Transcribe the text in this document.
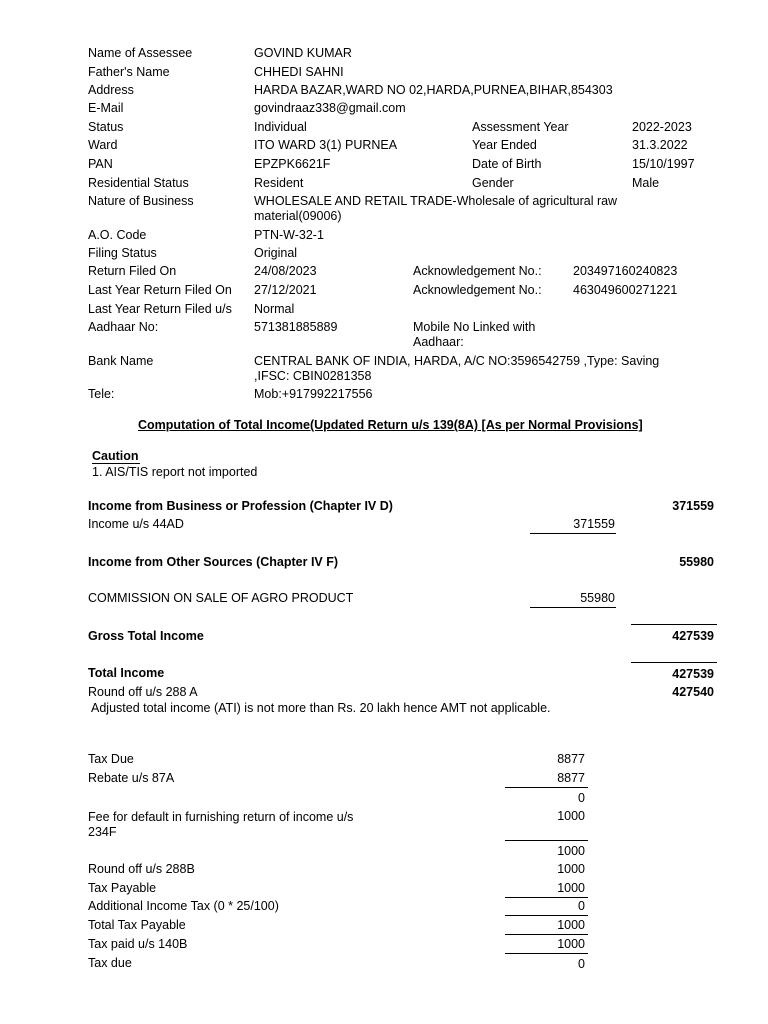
Name of Assessee	GOVIND KUMAR
Father's Name	CHHEDI SAHNI
Address	HARDA BAZAR,WARD NO 02,HARDA,PURNEA,BIHAR,854303
E-Mail	govindraaz338@gmail.com
Status	Individual	Assessment Year	2022-2023
Ward	ITO WARD 3(1) PURNEA	Year Ended	31.3.2022
PAN	EPZPK6621F	Date of Birth	15/10/1997
Residential Status	Resident	Gender	Male
Nature of Business	WHOLESALE AND RETAIL TRADE-Wholesale of agricultural raw material(09006)
A.O. Code	PTN-W-32-1
Filing Status	Original
Return Filed On	24/08/2023	Acknowledgement No.:	203497160240823
Last Year Return Filed On 27/12/2021	Acknowledgement No.:	463049600271221
Last Year Return Filed u/s Normal
Aadhaar No:	571381885889	Mobile No Linked with Aadhaar:
Bank Name	CENTRAL BANK OF INDIA, HARDA, A/C NO:3596542759 ,Type: Saving ,IFSC: CBIN0281358
Tele:	Mob:+917992217556
Computation of Total Income(Updated Return u/s 139(8A) [As per Normal Provisions]
Caution
1. AIS/TIS report not imported
Income from Business or Profession (Chapter IV D)	371559
Income u/s 44AD	371559
Income from Other Sources (Chapter IV F)	55980
COMMISSION ON SALE OF AGRO PRODUCT	55980
Gross Total Income	427539
Total Income	427539
Round off u/s 288 A	427540
Adjusted total income (ATI) is not more than Rs. 20 lakh hence AMT not applicable.
Tax Due	8877
Rebate u/s 87A	8877
0
Fee for default in furnishing return of income u/s 234F
1000
1000
Round off u/s 288B	1000
Tax Payable	1000
Additional Income Tax (0 * 25/100)	0
Total Tax Payable	1000
Tax paid u/s 140B	1000
Tax due	0
